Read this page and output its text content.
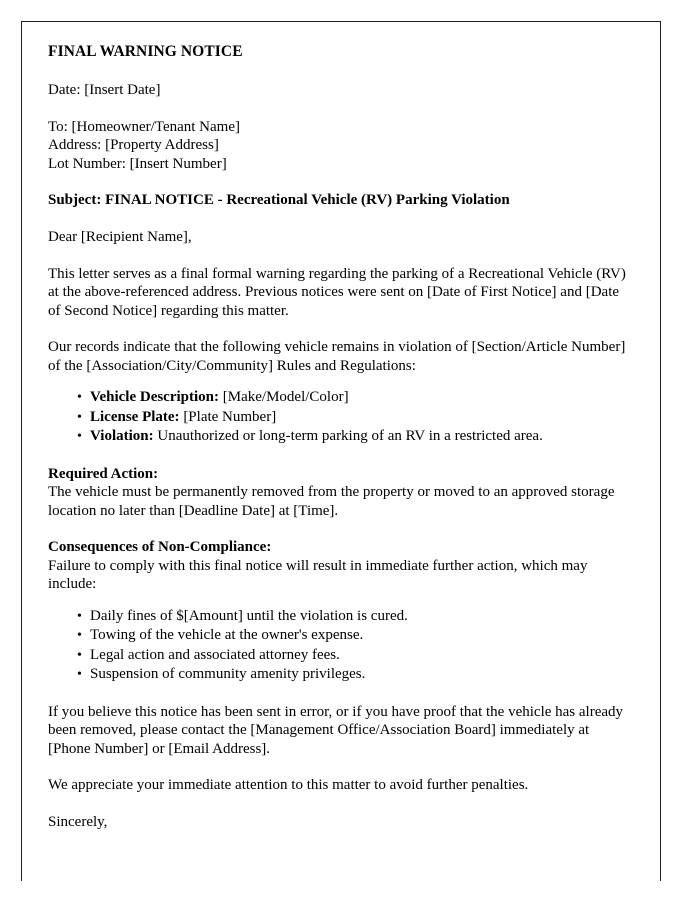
FINAL WARNING NOTICE
Date: [Insert Date]
To: [Homeowner/Tenant Name]
Address: [Property Address]
Lot Number: [Insert Number]
Subject: FINAL NOTICE - Recreational Vehicle (RV) Parking Violation
Dear [Recipient Name],
This letter serves as a final formal warning regarding the parking of a Recreational Vehicle (RV) at the above-referenced address. Previous notices were sent on [Date of First Notice] and [Date of Second Notice] regarding this matter.
Our records indicate that the following vehicle remains in violation of [Section/Article Number] of the [Association/City/Community] Rules and Regulations:
• Vehicle Description: [Make/Model/Color]
• License Plate: [Plate Number]
• Violation: Unauthorized or long-term parking of an RV in a restricted area.
Required Action:
The vehicle must be permanently removed from the property or moved to an approved storage location no later than [Deadline Date] at [Time].
Consequences of Non-Compliance:
Failure to comply with this final notice will result in immediate further action, which may include:
• Daily fines of $[Amount] until the violation is cured.
• Towing of the vehicle at the owner's expense.
• Legal action and associated attorney fees.
• Suspension of community amenity privileges.
If you believe this notice has been sent in error, or if you have proof that the vehicle has already been removed, please contact the [Management Office/Association Board] immediately at [Phone Number] or [Email Address].
We appreciate your immediate attention to this matter to avoid further penalties.
Sincerely,
